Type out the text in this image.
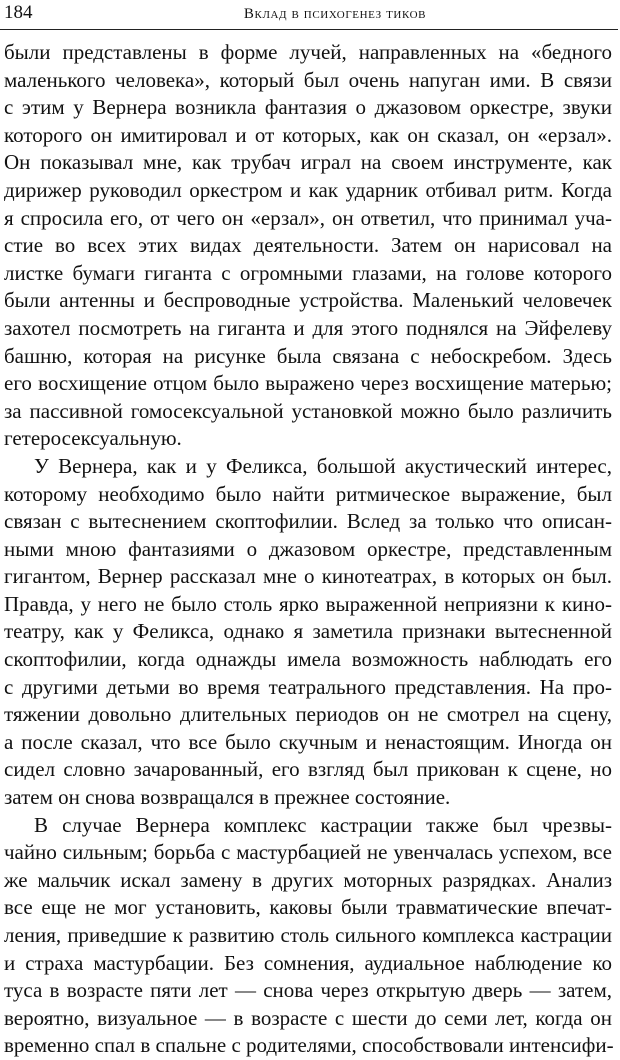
184	Вклад в психогенез тиков
были представлены в форме лучей, направленных на «бедного
маленького человека», который был очень напуган ими. В связи
с этим у Вернера возникла фантазия о джазовом оркестре, звуки
которого он имитировал и от которых, как он сказал, он «ерзал».
Он показывал мне, как трубач играл на своем инструменте, как
дирижер руководил оркестром и как ударник отбивал ритм. Когда
я спросила его, от чего он «ерзал», он ответил, что принимал уча-
стие во всех этих видах деятельности. Затем он нарисовал на
листке бумаги гиганта с огромными глазами, на голове которого
были антенны и беспроводные устройства. Маленький человечек
захотел посмотреть на гиганта и для этого поднялся на Эйфелеву
башню, которая на рисунке была связана с небоскребом. Здесь
его восхищение отцом было выражено через восхищение матерью;
за пассивной гомосексуальной установкой можно было различить
гетеросексуальную.
У Вернера, как и у Феликса, большой акустический интерес,
которому необходимо было найти ритмическое выражение, был
связан с вытеснением скоптофилии. Вслед за только что описан-
ными мною фантазиями о джазовом оркестре, представленным
гигантом, Вернер рассказал мне о кинотеатрах, в которых он был.
Правда, у него не было столь ярко выраженной неприязни к кино-
театру, как у Феликса, однако я заметила признаки вытесненной
скоптофилии, когда однажды имела возможность наблюдать его
с другими детьми во время театрального представления. На про-
тяжении довольно длительных периодов он не смотрел на сцену,
а после сказал, что все было скучным и ненастоящим. Иногда он
сидел словно зачарованный, его взгляд был прикован к сцене, но
затем он снова возвращался в прежнее состояние.
В случае Вернера комплекс кастрации также был чрезвы-
чайно сильным; борьба с мастурбацией не увенчалась успехом, все
же мальчик искал замену в других моторных разрядках. Анализ
все еще не мог установить, каковы были травматические впечат-
ления, приведшие к развитию столь сильного комплекса кастрации
и страха мастурбации. Без сомнения, аудиальное наблюдение ко
туса в возрасте пяти лет — снова через открытую дверь — затем,
вероятно, визуальное — в возрасте с шести до семи лет, когда он
временно спал в спальне с родителями, способствовали интенсифи-
